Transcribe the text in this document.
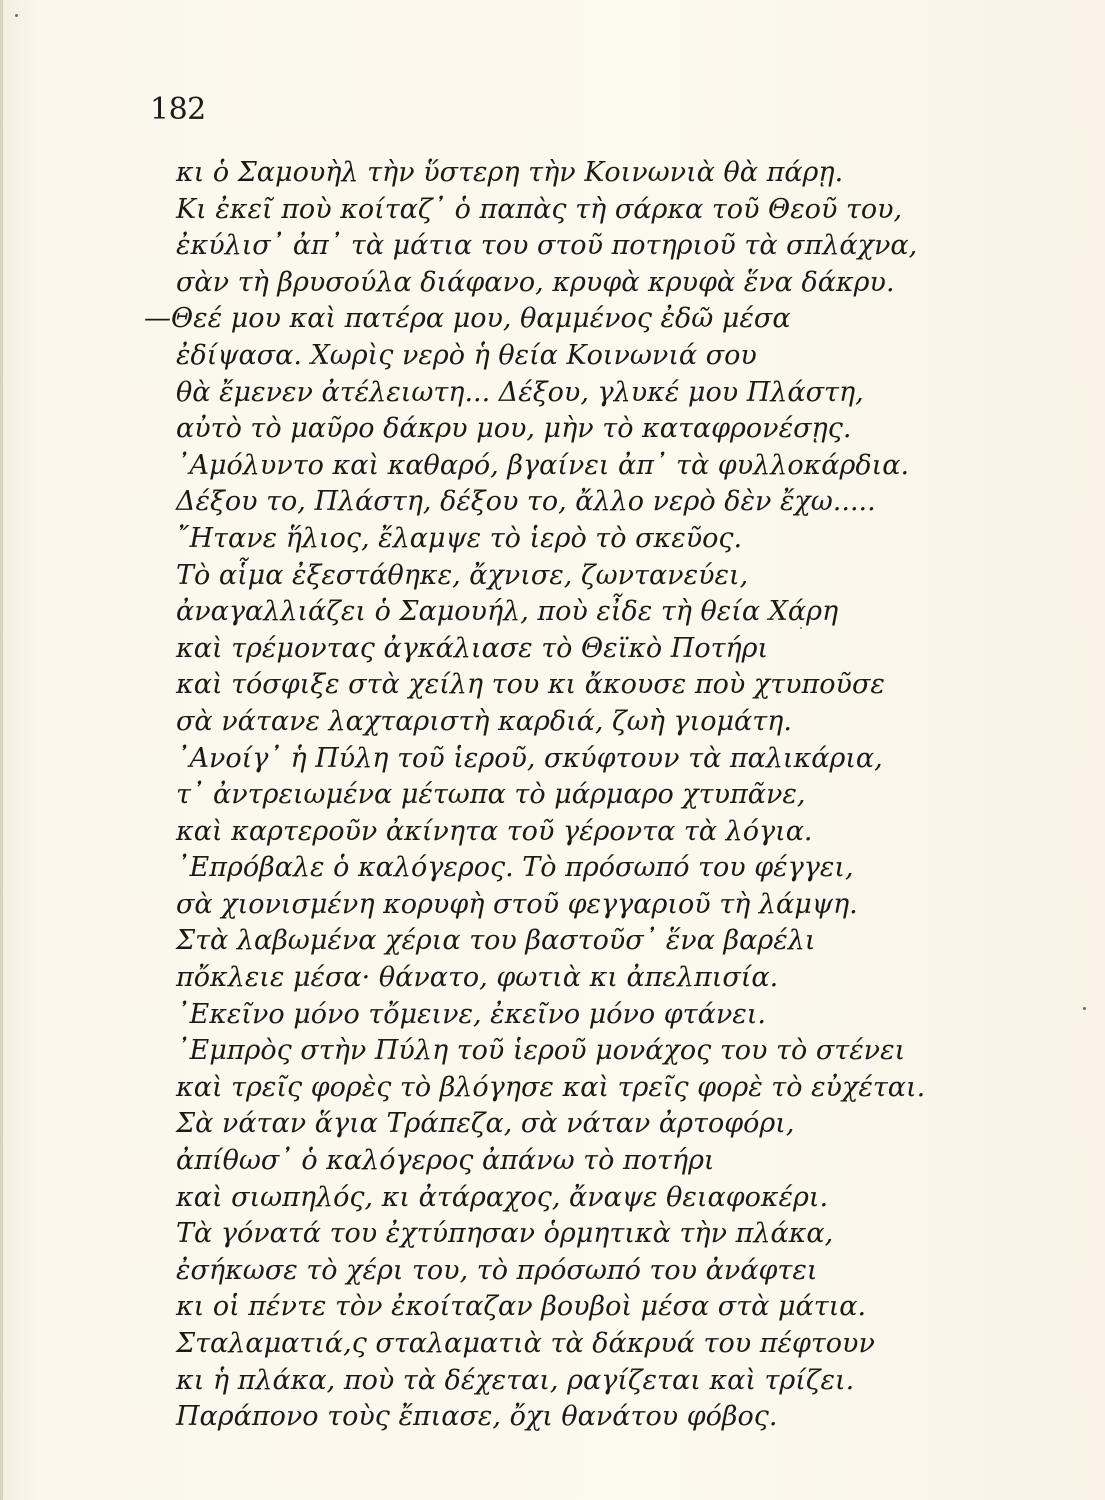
182
κι ὁ Σαμουὴλ τὴν ὕστερη τὴν Κοινωνιὰ θὰ πάρῃ.
Κι ἐκεῖ ποὺ κοίταζ᾽ ὁ παπὰς τὴ σάρκα τοῦ Θεοῦ του,
ἐκύλισ᾽ ἀπ᾽ τὰ μάτια του στοῦ ποτηριοῦ τὰ σπλάχνα,
σὰν τὴ βρυσούλα διάφανο, κρυφὰ κρυφὰ ἕνα δάκρυ.
—Θεέ μου καὶ πατέρα μου, θαμμένος ἐδῶ μέσα
ἐδίψασα. Χωρὶς νερὸ ἡ θεία Κοινωνιά σου
θὰ ἔμενεν ἀτέλειωτη... Δέξου, γλυκέ μου Πλάστη,
αὐτὸ τὸ μαῦρο δάκρυ μου, μὴν τὸ καταφρονέσῃς.
᾽Αμόλυντο καὶ καθαρό, βγαίνει ἀπ᾽ τὰ φυλλοκάρδια.
Δέξου το, Πλάστη, δέξου το, ἄλλο νερὸ δὲν ἔχω.....
῎Ητανε ἥλιος, ἔλαμψε τὸ ἱερὸ τὸ σκεῦος.
Τὸ αἷμα ἐξεστάθηκε, ἄχνισε, ζωντανεύει,
ἀναγαλλιάζει ὁ Σαμουήλ, ποὺ εἶδε τὴ θεία Χάρη
καὶ τρέμοντας ἀγκάλιασε τὸ Θεϊκὸ Ποτήρι
καὶ τόσφιξε στὰ χείλη του κι ἄκουσε ποὺ χτυποῦσε
σὰ νάτανε λαχταριστὴ καρδιά, ζωὴ γιομάτη.
᾽Ανοίγ᾽ ἡ Πύλη τοῦ ἱεροῦ, σκύφτουν τὰ παλικάρια,
τ᾽ ἀντρειωμένα μέτωπα τὸ μάρμαρο χτυπᾶνε,
καὶ καρτεροῦν ἀκίνητα τοῦ γέροντα τὰ λόγια.
᾽Επρόβαλε ὁ καλόγερος. Τὸ πρόσωπό του φέγγει,
σὰ χιονισμένη κορυφὴ στοῦ φεγγαριοῦ τὴ λάμψη.
Στὰ λαβωμένα χέρια του βαστοῦσ᾽ ἕνα βαρέλι
πὄκλειε μέσα· θάνατο, φωτιὰ κι ἀπελπισία.
᾽Εκεῖνο μόνο τὄμεινε, ἐκεῖνο μόνο φτάνει.
᾽Εμπρὸς στὴν Πύλη τοῦ ἱεροῦ μονάχος του τὸ στένει
καὶ τρεῖς φορὲς τὸ βλόγησε καὶ τρεῖς φορὲ τὸ εὐχέται.
Σὰ νάταν ἅγια Τράπεζα, σὰ νάταν ἀρτοφόρι,
ἀπίθωσ᾽ ὁ καλόγερος ἀπάνω τὸ ποτήρι
καὶ σιωπηλός, κι ἀτάραχος, ἄναψε θειαφοκέρι.
Τὰ γόνατά του ἐχτύπησαν ὁρμητικὰ τὴν πλάκα,
ἐσήκωσε τὸ χέρι του, τὸ πρόσωπό του ἀνάφτει
κι οἱ πέντε τὸν ἐκοίταζαν βουβοὶ μέσα στὰ μάτια.
Σταλαματιά,ς σταλαματιὰ τὰ δάκρυά του πέφτουν
κι ἡ πλάκα, ποὺ τὰ δέχεται, ραγίζεται καὶ τρίζει.
Παράπονο τοὺς ἔπιασε, ὄχι θανάτου φόβος.
